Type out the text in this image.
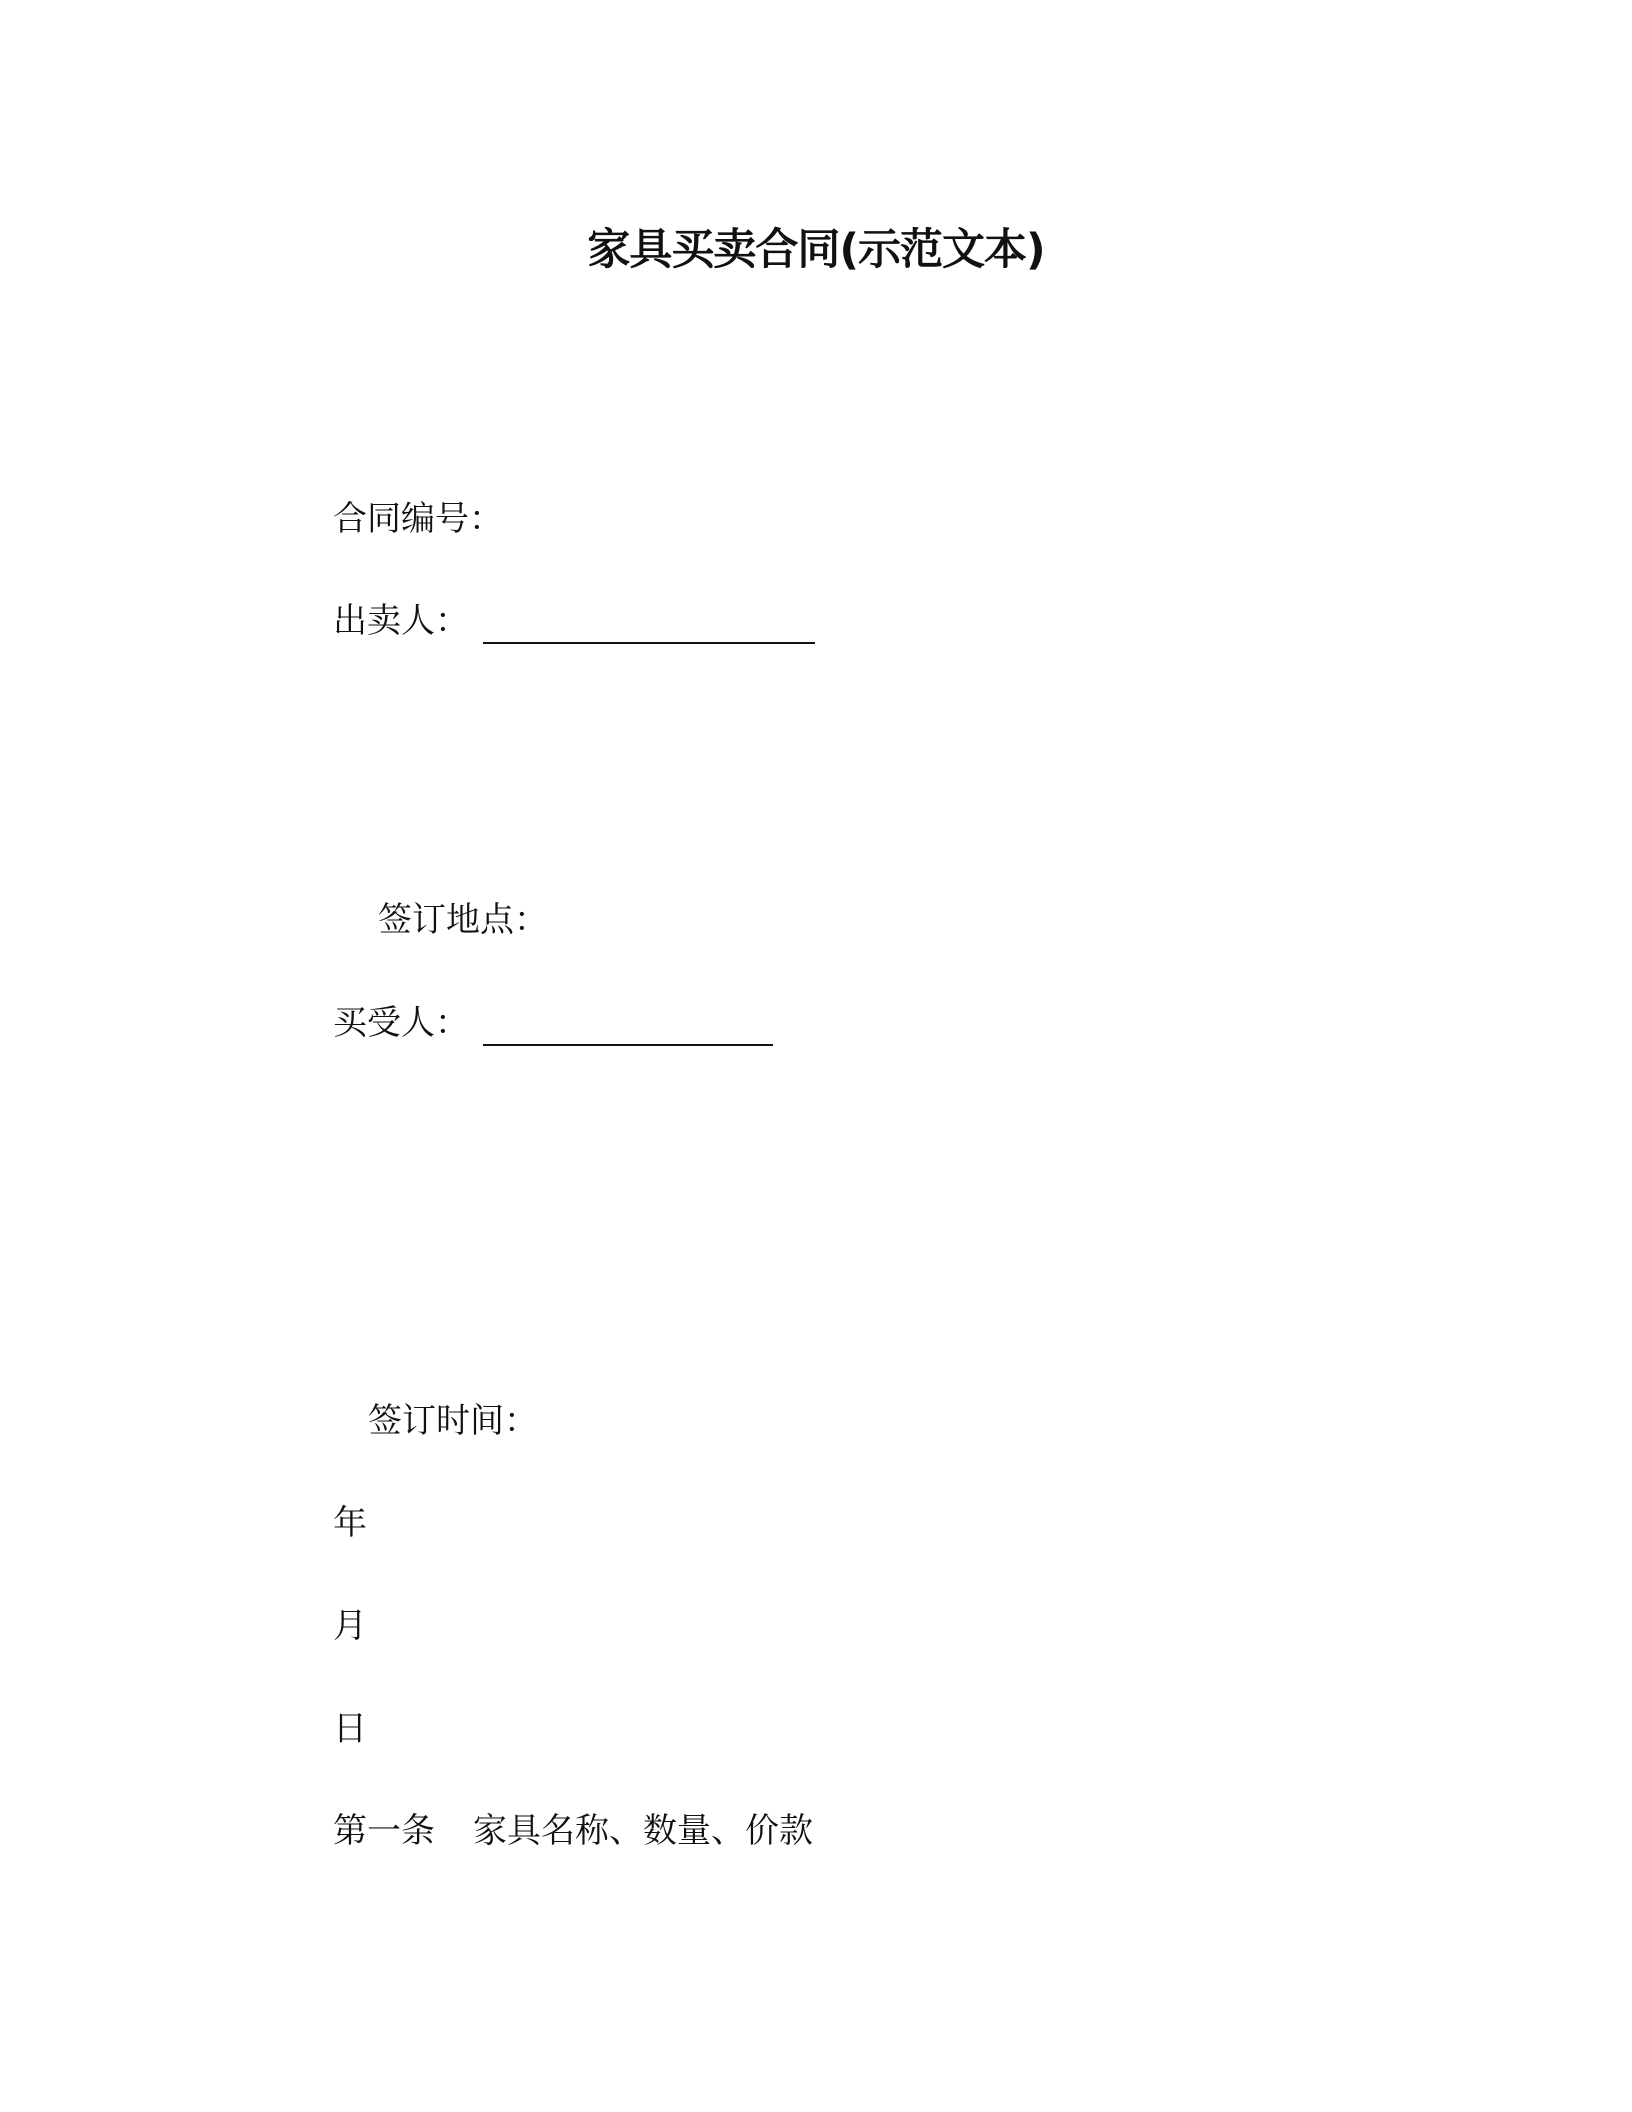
家具买卖合同(示范文本)
合同编号：
出卖人：
签订地点：
买受人：
签订时间：
年
月
日
第一条 家具名称、数量、价款
